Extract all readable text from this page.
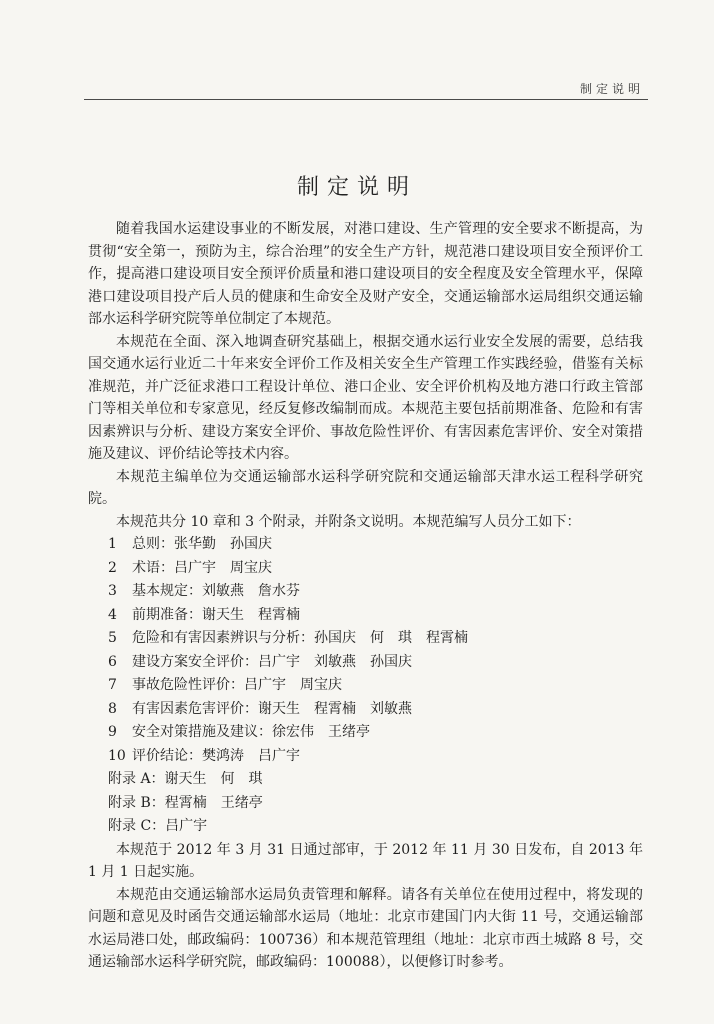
制定说明
制定说明

随着我国水运建设事业的不断发展，对港口建设、生产管理的安全要求不断提高，为贯彻“安全第一，预防为主，综合治理”的安全生产方针，规范港口建设项目安全预评价工作，提高港口建设项目安全预评价质量和港口建设项目的安全程度及安全管理水平，保障港口建设项目投产后人员的健康和生命安全及财产安全，交通运输部水运局组织交通运输部水运科学研究院等单位制定了本规范。

本规范在全面、深入地调查研究基础上，根据交通水运行业安全发展的需要，总结我国交通水运行业近二十年来安全评价工作及相关安全生产管理工作实践经验，借鉴有关标准规范，并广泛征求港口工程设计单位、港口企业、安全评价机构及地方港口行政主管部门等相关单位和专家意见，经反复修改编制而成。本规范主要包括前期准备、危险和有害因素辨识与分析、建设方案安全评价、事故危险性评价、有害因素危害评价、安全对策措施及建议、评价结论等技术内容。

本规范主编单位为交通运输部水运科学研究院和交通运输部天津水运工程科学研究院。

本规范共分 10 章和 3 个附录，并附条文说明。本规范编写人员分工如下：

1 总则：张华勤　孙国庆
2 术语：吕广宇　周宝庆
3 基本规定：刘敏燕　詹水芬
4 前期准备：谢天生　程霄楠
5 危险和有害因素辨识与分析：孙国庆　何　琪　程霄楠
6 建设方案安全评价：吕广宇　刘敏燕　孙国庆
7 事故危险性评价：吕广宇　周宝庆
8 有害因素危害评价：谢天生　程霄楠　刘敏燕
9 安全对策措施及建议：徐宏伟　王绪亭
10 评价结论：樊鸿涛　吕广宇
附录 A：谢天生　何　琪
附录 B：程霄楠　王绪亭
附录 C：吕广宇

本规范于 2012 年 3 月 31 日通过部审，于 2012 年 11 月 30 日发布，自 2013 年 1 月 1 日起实施。

本规范由交通运输部水运局负责管理和解释。请各有关单位在使用过程中，将发现的问题和意见及时函告交通运输部水运局（地址：北京市建国门内大街 11 号，交通运输部水运局港口处，邮政编码：100736）和本规范管理组（地址：北京市西土城路 8 号，交通运输部水运科学研究院，邮政编码：100088），以便修订时参考。
